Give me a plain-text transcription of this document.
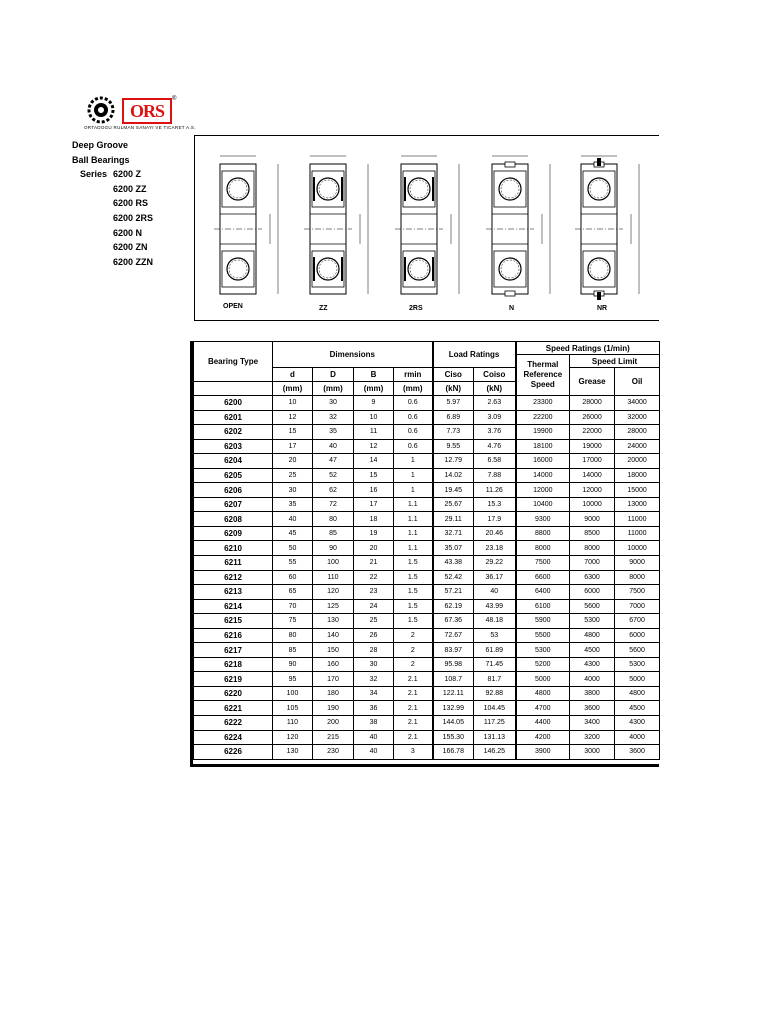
ORS
®
ORTADOGU RULMAN SANAYI VE TICARET A.S.
Deep Groove
Ball Bearings
Series 6200 Z
6200 ZZ
6200 RS
6200 2RS
6200 N
6200 ZN
6200 ZZN
OPEN	ZZ	2RS	N	NR
Bearing Type	Dimensions				Load Ratings		Speed Ratings (1/min)		
							Thermal Reference Speed	Speed Limit	
	d	D	B	rmin	Ciso	Coiso		Grease	Oil
	(mm)	(mm)	(mm)	(mm)	(kN)	(kN)			
6200	10	30	9	0.6	5.97	2.63	23300	28000	34000
6201	12	32	10	0.6	6.89	3.09	22200	26000	32000
6202	15	35	11	0.6	7.73	3.76	19900	22000	28000
6203	17	40	12	0.6	9.55	4.76	18100	19000	24000
6204	20	47	14	1	12.79	6.58	16000	17000	20000
6205	25	52	15	1	14.02	7.88	14000	14000	18000
6206	30	62	16	1	19.45	11.26	12000	12000	15000
6207	35	72	17	1.1	25.67	15.3	10400	10000	13000
6208	40	80	18	1.1	29.11	17.9	9300	9000	11000
6209	45	85	19	1.1	32.71	20.46	8800	8500	11000
6210	50	90	20	1.1	35.07	23.18	8000	8000	10000
6211	55	100	21	1.5	43.38	29.22	7500	7000	9000
6212	60	110	22	1.5	52.42	36.17	6600	6300	8000
6213	65	120	23	1.5	57.21	40	6400	6000	7500
6214	70	125	24	1.5	62.19	43.99	6100	5600	7000
6215	75	130	25	1.5	67.36	48.18	5900	5300	6700
6216	80	140	26	2	72.67	53	5500	4800	6000
6217	85	150	28	2	83.97	61.89	5300	4500	5600
6218	90	160	30	2	95.98	71.45	5200	4300	5300
6219	95	170	32	2.1	108.7	81.7	5000	4000	5000
6220	100	180	34	2.1	122.11	92.88	4800	3800	4800
6221	105	190	36	2.1	132.99	104.45	4700	3600	4500
6222	110	200	38	2.1	144.05	117.25	4400	3400	4300
6224	120	215	40	2.1	155.30	131.13	4200	3200	4000
6226	130	230	40	3	166.78	146.25	3900	3000	3600
